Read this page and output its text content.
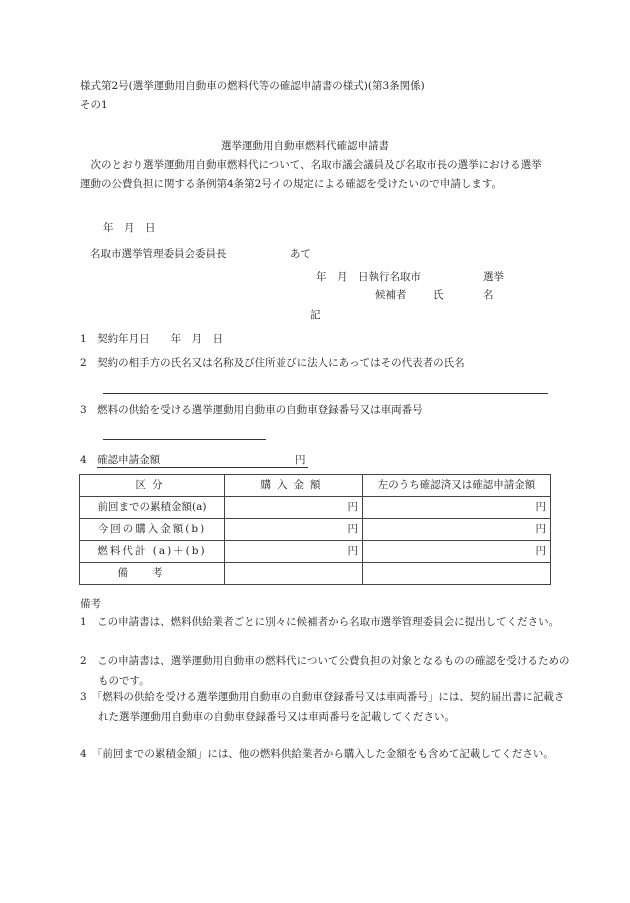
様式第2号(選挙運動用自動車の燃料代等の確認申請書の様式)(第3条関係)
その1
選挙運動用自動車燃料代確認申請書
　次のとおり選挙運動用自動車燃料代について、名取市議会議員及び名取市長の選挙における選挙運動の公費負担に関する条例第4条第2号イの規定による確認を受けたいので申請します。
年　月　日
名取市選挙管理委員会委員長	あて
年　月　日執行名取市	選挙
候補者	氏	名
記
1　契約年月日　　年　月　日
2　契約の相手方の氏名又は名称及び住所並びに法人にあってはその代表者の氏名
3　燃料の供給を受ける選挙運動用自動車の自動車登録番号又は車両番号
4　確認申請金額	円
区分	購入金額	左のうち確認済又は確認申請金額
前回までの累積金額(a)	円	円
今回の購入金額(b)	円	円
燃料代計 (a)＋(b)	円	円
備考		
備考
1　この申請書は、燃料供給業者ごとに別々に候補者から名取市選挙管理委員会に提出してください。
2　この申請書は、選挙運動用自動車の燃料代について公費負担の対象となるものの確認を受けるためのものです。
3　「燃料の供給を受ける選挙運動用自動車の自動車登録番号又は車両番号」には、契約届出書に記載された選挙運動用自動車の自動車登録番号又は車両番号を記載してください。
4　「前回までの累積金額」には、他の燃料供給業者から購入した金額をも含めて記載してください。
